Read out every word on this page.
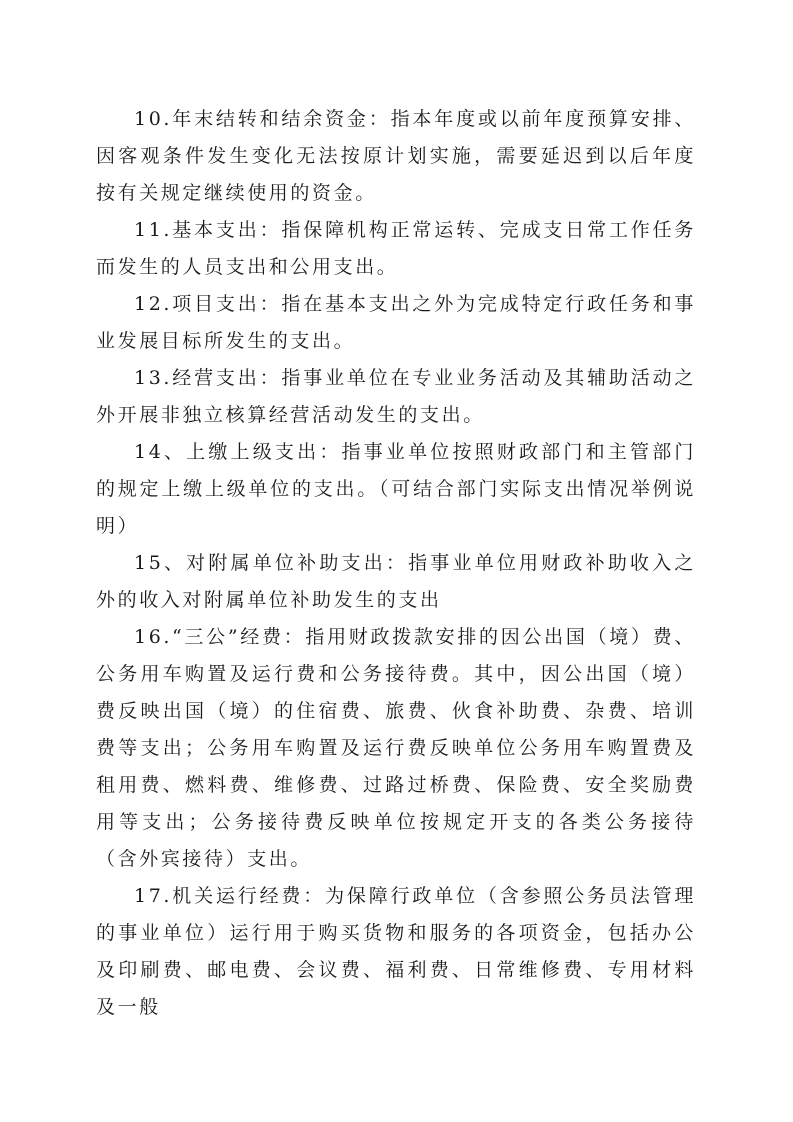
10.年末结转和结余资金：指本年度或以前年度预算安排、因客观条件发生变化无法按原计划实施，需要延迟到以后年度按有关规定继续使用的资金。

11.基本支出：指保障机构正常运转、完成支日常工作任务而发生的人员支出和公用支出。

12.项目支出：指在基本支出之外为完成特定行政任务和事业发展目标所发生的支出。

13.经营支出：指事业单位在专业业务活动及其辅助活动之外开展非独立核算经营活动发生的支出。

14、上缴上级支出：指事业单位按照财政部门和主管部门的规定上缴上级单位的支出。（可结合部门实际支出情况举例说明）

15、对附属单位补助支出：指事业单位用财政补助收入之外的收入对附属单位补助发生的支出

16.“三公”经费：指用财政拨款安排的因公出国（境）费、公务用车购置及运行费和公务接待费。其中，因公出国（境）费反映出国（境）的住宿费、旅费、伙食补助费、杂费、培训费等支出；公务用车购置及运行费反映单位公务用车购置费及租用费、燃料费、维修费、过路过桥费、保险费、安全奖励费用等支出；公务接待费反映单位按规定开支的各类公务接待（含外宾接待）支出。

17.机关运行经费：为保障行政单位（含参照公务员法管理的事业单位）运行用于购买货物和服务的各项资金，包括办公及印刷费、邮电费、会议费、福利费、日常维修费、专用材料及一般
